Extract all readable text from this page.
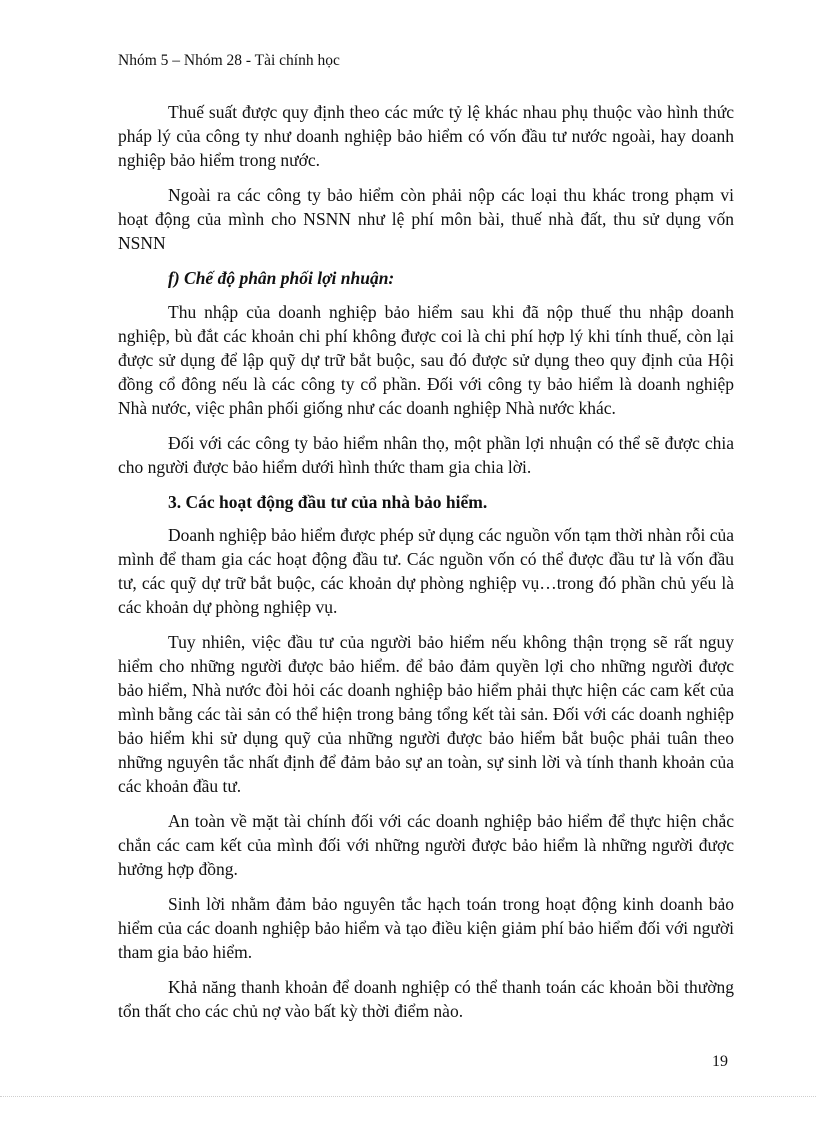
Nhóm 5 – Nhóm 28 - Tài chính học

Thuế suất được quy định theo các mức tỷ lệ khác nhau phụ thuộc vào hình thức pháp lý của công ty như doanh nghiệp bảo hiểm có vốn đầu tư nước ngoài, hay doanh nghiệp bảo hiểm trong nước.

Ngoài ra các công ty bảo hiểm còn phải nộp các loại thu khác trong phạm vi hoạt động của mình cho NSNN như lệ phí môn bài, thuế nhà đất, thu sử dụng vốn NSNN

f) Chế độ phân phối lợi nhuận:

Thu nhập của doanh nghiệp bảo hiểm sau khi đã nộp thuế thu nhập doanh nghiệp, bù đắt các khoản chi phí không được coi là chi phí hợp lý khi tính thuế, còn lại được sử dụng để lập quỹ dự trữ bắt buộc, sau đó được sử dụng theo quy định của Hội đồng cổ đông nếu là các công ty cổ phần. Đối với công ty bảo hiểm là doanh nghiệp Nhà nước, việc phân phối giống như các doanh nghiệp Nhà nước khác.

Đối với các công ty bảo hiểm nhân thọ, một phần lợi nhuận có thể sẽ được chia cho người được bảo hiểm dưới hình thức tham gia chia lời.

3. Các hoạt động đầu tư của nhà bảo hiểm.

Doanh nghiệp bảo hiểm được phép sử dụng các nguồn vốn tạm thời nhàn rỗi của mình để tham gia các hoạt động đầu tư. Các nguồn vốn có thể được đầu tư là vốn đầu tư, các quỹ dự trữ bắt buộc, các khoản dự phòng nghiệp vụ…trong đó phần chủ yếu là các khoản dự phòng nghiệp vụ.

Tuy nhiên, việc đầu tư của người bảo hiểm nếu không thận trọng sẽ rất nguy hiểm cho những người được bảo hiểm. để bảo đảm quyền lợi cho những người được bảo hiểm, Nhà nước đòi hỏi các doanh nghiệp bảo hiểm phải thực hiện các cam kết của mình bằng các tài sản có thể hiện trong bảng tổng kết tài sản. Đối với các doanh nghiệp bảo hiểm khi sử dụng quỹ của những người được bảo hiểm bắt buộc phải tuân theo những nguyên tắc nhất định để đảm bảo sự an toàn, sự sinh lời và tính thanh khoản của các khoản đầu tư.

An toàn về mặt tài chính đối với các doanh nghiệp bảo hiểm để thực hiện chắc chắn các cam kết của mình đối với những người được bảo hiểm là những người được hưởng hợp đồng.

Sinh lời nhằm đảm bảo nguyên tắc hạch toán trong hoạt động kinh doanh bảo hiểm của các doanh nghiệp bảo hiểm và tạo điều kiện giảm phí bảo hiểm đối với người tham gia bảo hiểm.

Khả năng thanh khoản để doanh nghiệp có thể thanh toán các khoản bồi thường tổn thất cho các chủ nợ vào bất kỳ thời điểm nào.

19
